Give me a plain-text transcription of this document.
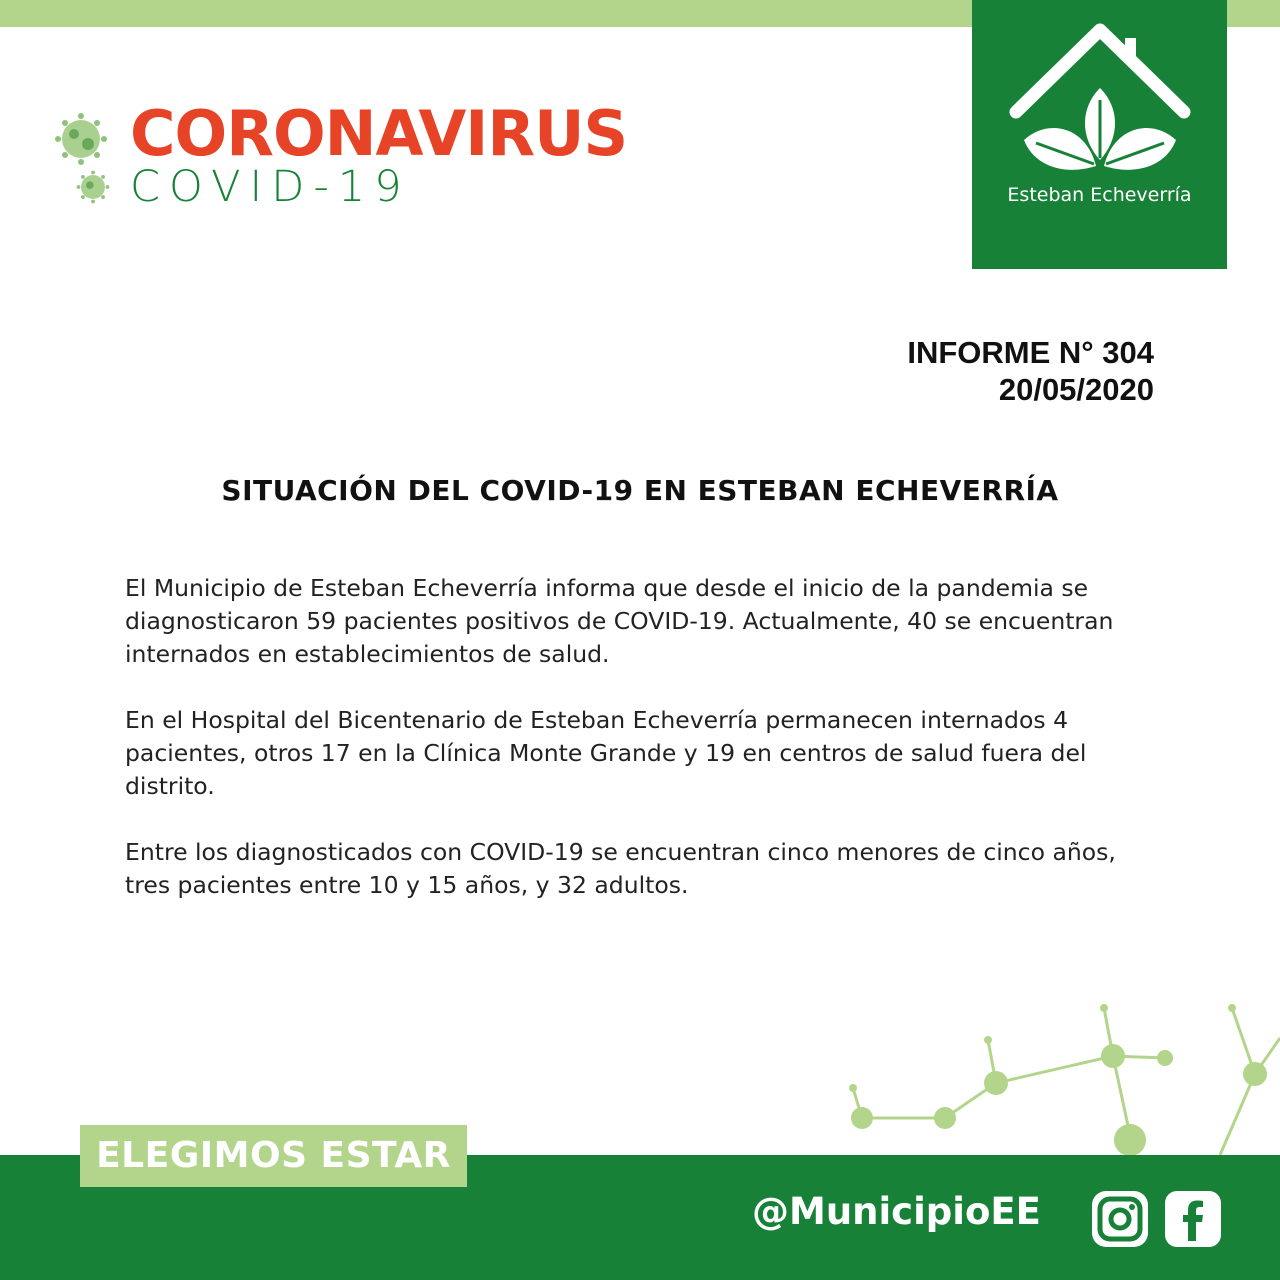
Esteban Echeverría
CORONAVIRUS
COVID-19
INFORME N° 304
20/05/2020
SITUACIÓN DEL COVID-19 EN ESTEBAN ECHEVERRÍA

El Municipio de Esteban Echeverría informa que desde el inicio de la pandemia se diagnosticaron 59 pacientes positivos de COVID-19. Actualmente, 40 se encuentran internados en establecimientos de salud.

En el Hospital del Bicentenario de Esteban Echeverría permanecen internados 4 pacientes, otros 17 en la Clínica Monte Grande y 19 en centros de salud fuera del distrito.

Entre los diagnosticados con COVID-19 se encuentran cinco menores de cinco años, tres pacientes entre 10 y 15 años, y 32 adultos.

ELEGIMOS ESTAR
@MunicipioEE
